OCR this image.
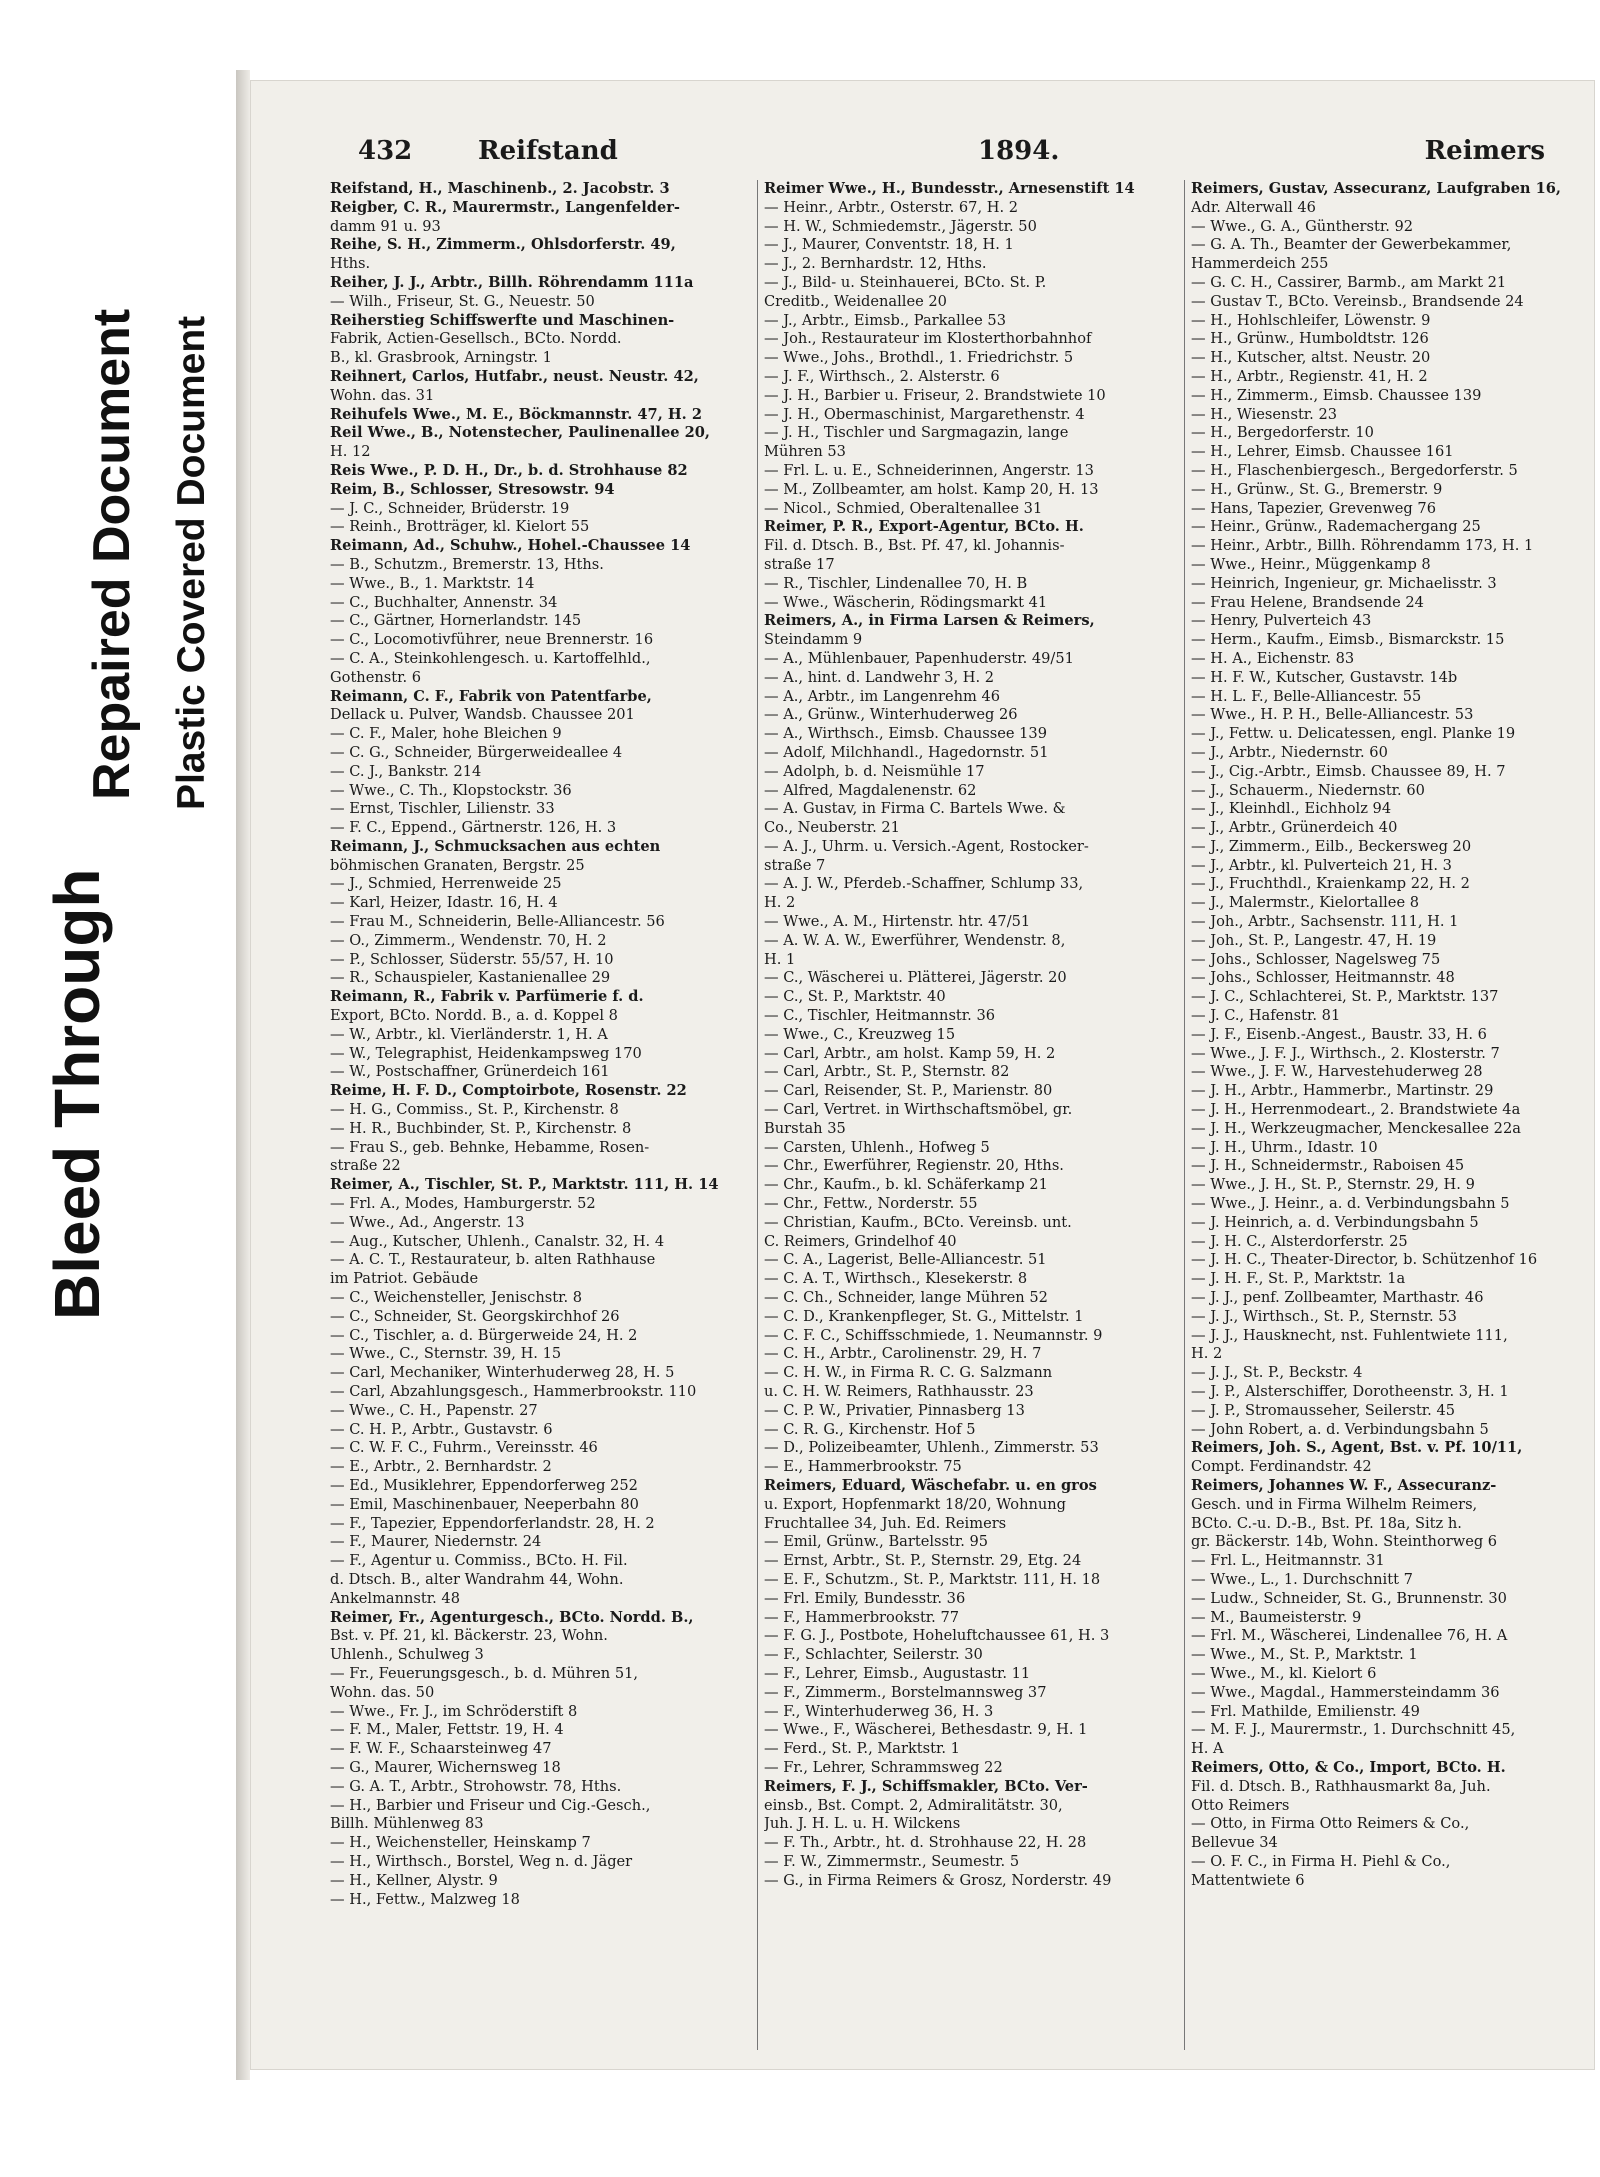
Bleed Through
Repaired Document Plastic Covered Document
432	Reifstand	1894.	Reimers
Reifstand, H., Maschinenb., 2. Jacobstr. 3
Reigber, C. R., Maurermstr., Langenfelder-
damm 91 u. 93
Reihe, S. H., Zimmerm., Ohlsdorferstr. 49,
Hths.
Reiher, J. J., Arbtr., Billh. Röhrendamm 111a
— Wilh., Friseur, St. G., Neuestr. 50
Reiherstieg Schiffswerfte und Maschinen-
Fabrik, Actien-Gesellsch., BCto. Nordd.
B., kl. Grasbrook, Arningstr. 1
Reihnert, Carlos, Hutfabr., neust. Neustr. 42,
Wohn. das. 31
Reihufels Wwe., M. E., Böckmannstr. 47, H. 2
Reil Wwe., B., Notenstecher, Paulinenallee 20,
H. 12
Reis Wwe., P. D. H., Dr., b. d. Strohhause 82
Reim, B., Schlosser, Stresowstr. 94
— J. C., Schneider, Brüderstr. 19
— Reinh., Brotträger, kl. Kielort 55
Reimann, Ad., Schuhw., Hohel.-Chaussee 14
— B., Schutzm., Bremerstr. 13, Hths.
— Wwe., B., 1. Marktstr. 14
— C., Buchhalter, Annenstr. 34
— C., Gärtner, Hornerlandstr. 145
— C., Locomotivführer, neue Brennerstr. 16
— C. A., Steinkohlengesch. u. Kartoffelhld.,
Gothenstr. 6
Reimann, C. F., Fabrik von Patentfarbe,
Dellack u. Pulver, Wandsb. Chaussee 201
— C. F., Maler, hohe Bleichen 9
— C. G., Schneider, Bürgerweideallee 4
— C. J., Bankstr. 214
— Wwe., C. Th., Klopstockstr. 36
— Ernst, Tischler, Lilienstr. 33
— F. C., Eppend., Gärtnerstr. 126, H. 3
Reimann, J., Schmucksachen aus echten
böhmischen Granaten, Bergstr. 25
— J., Schmied, Herrenweide 25
— Karl, Heizer, Idastr. 16, H. 4
— Frau M., Schneiderin, Belle-Alliancestr. 56
— O., Zimmerm., Wendenstr. 70, H. 2
— P., Schlosser, Süderstr. 55/57, H. 10
— R., Schauspieler, Kastanienallee 29
Reimann, R., Fabrik v. Parfümerie f. d.
Export, BCto. Nordd. B., a. d. Koppel 8
— W., Arbtr., kl. Vierländerstr. 1, H. A
— W., Telegraphist, Heidenkampsweg 170
— W., Postschaffner, Grünerdeich 161
Reime, H. F. D., Comptoirbote, Rosenstr. 22
— H. G., Commiss., St. P., Kirchenstr. 8
— H. R., Buchbinder, St. P., Kirchenstr. 8
— Frau S., geb. Behnke, Hebamme, Rosen-
straße 22
Reimer, A., Tischler, St. P., Marktstr. 111, H. 14
— Frl. A., Modes, Hamburgerstr. 52
— Wwe., Ad., Angerstr. 13
— Aug., Kutscher, Uhlenh., Canalstr. 32, H. 4
— A. C. T., Restaurateur, b. alten Rathhause
im Patriot. Gebäude
— C., Weichensteller, Jenischstr. 8
— C., Schneider, St. Georgskirchhof 26
— C., Tischler, a. d. Bürgerweide 24, H. 2
— Wwe., C., Sternstr. 39, H. 15
— Carl, Mechaniker, Winterhuderweg 28, H. 5
— Carl, Abzahlungsgesch., Hammerbrookstr. 110
— Wwe., C. H., Papenstr. 27
— C. H. P., Arbtr., Gustavstr. 6
— C. W. F. C., Fuhrm., Vereinsstr. 46
— E., Arbtr., 2. Bernhardstr. 2
— Ed., Musiklehrer, Eppendorferweg 252
— Emil, Maschinenbauer, Neeperbahn 80
— F., Tapezier, Eppendorferlandstr. 28, H. 2
— F., Maurer, Niedernstr. 24
— F., Agentur u. Commiss., BCto. H. Fil.
d. Dtsch. B., alter Wandrahm 44, Wohn.
Ankelmannstr. 48
Reimer, Fr., Agenturgesch., BCto. Nordd. B.,
Bst. v. Pf. 21, kl. Bäckerstr. 23, Wohn.
Uhlenh., Schulweg 3
— Fr., Feuerungsgesch., b. d. Mühren 51,
Wohn. das. 50
— Wwe., Fr. J., im Schröderstift 8
— F. M., Maler, Fettstr. 19, H. 4
— F. W. F., Schaarsteinweg 47
— G., Maurer, Wichernsweg 18
— G. A. T., Arbtr., Strohowstr. 78, Hths.
— H., Barbier und Friseur und Cig.-Gesch.,
Billh. Mühlenweg 83
— H., Weichensteller, Heinskamp 7
— H., Wirthsch., Borstel, Weg n. d. Jäger
— H., Kellner, Alystr. 9
— H., Fettw., Malzweg 18
Reimer Wwe., H., Bundesstr., Arnesenstift 14
— Heinr., Arbtr., Osterstr. 67, H. 2
— H. W., Schmiedemstr., Jägerstr. 50
— J., Maurer, Conventstr. 18, H. 1
— J., 2. Bernhardstr. 12, Hths.
— J., Bild- u. Steinhauerei, BCto. St. P.
Creditb., Weidenallee 20
— J., Arbtr., Eimsb., Parkallee 53
— Joh., Restaurateur im Klosterthorbahnhof
— Wwe., Johs., Brothdl., 1. Friedrichstr. 5
— J. F., Wirthsch., 2. Alsterstr. 6
— J. H., Barbier u. Friseur, 2. Brandstwiete 10
— J. H., Obermaschinist, Margarethenstr. 4
— J. H., Tischler und Sargmagazin, lange
Mühren 53
— Frl. L. u. E., Schneiderinnen, Angerstr. 13
— M., Zollbeamter, am holst. Kamp 20, H. 13
— Nicol., Schmied, Oberaltenallee 31
Reimer, P. R., Export-Agentur, BCto. H.
Fil. d. Dtsch. B., Bst. Pf. 47, kl. Johannis-
straße 17
— R., Tischler, Lindenallee 70, H. B
— Wwe., Wäscherin, Rödingsmarkt 41
Reimers, A., in Firma Larsen & Reimers,
Steindamm 9
— A., Mühlenbauer, Papenhuderstr. 49/51
— A., hint. d. Landwehr 3, H. 2
— A., Arbtr., im Langenrehm 46
— A., Grünw., Winterhuderweg 26
— A., Wirthsch., Eimsb. Chaussee 139
— Adolf, Milchhandl., Hagedornstr. 51
— Adolph, b. d. Neismühle 17
— Alfred, Magdalenenstr. 62
— A. Gustav, in Firma C. Bartels Wwe. &
Co., Neuberstr. 21
— A. J., Uhrm. u. Versich.-Agent, Rostocker-
straße 7
— A. J. W., Pferdeb.-Schaffner, Schlump 33,
H. 2
— Wwe., A. M., Hirtenstr. htr. 47/51
— A. W. A. W., Ewerführer, Wendenstr. 8,
H. 1
— C., Wäscherei u. Plätterei, Jägerstr. 20
— C., St. P., Marktstr. 40
— C., Tischler, Heitmannstr. 36
— Wwe., C., Kreuzweg 15
— Carl, Arbtr., am holst. Kamp 59, H. 2
— Carl, Arbtr., St. P., Sternstr. 82
— Carl, Reisender, St. P., Marienstr. 80
— Carl, Vertret. in Wirthschaftsmöbel, gr.
Burstah 35
— Carsten, Uhlenh., Hofweg 5
— Chr., Ewerführer, Regienstr. 20, Hths.
— Chr., Kaufm., b. kl. Schäferkamp 21
— Chr., Fettw., Norderstr. 55
— Christian, Kaufm., BCto. Vereinsb. unt.
C. Reimers, Grindelhof 40
— C. A., Lagerist, Belle-Alliancestr. 51
— C. A. T., Wirthsch., Klesekerstr. 8
— C. Ch., Schneider, lange Mühren 52
— C. D., Krankenpfleger, St. G., Mittelstr. 1
— C. F. C., Schiffsschmiede, 1. Neumannstr. 9
— C. H., Arbtr., Carolinenstr. 29, H. 7
— C. H. W., in Firma R. C. G. Salzmann
u. C. H. W. Reimers, Rathhausstr. 23
— C. P. W., Privatier, Pinnasberg 13
— C. R. G., Kirchenstr. Hof 5
— D., Polizeibeamter, Uhlenh., Zimmerstr. 53
— E., Hammerbrookstr. 75
Reimers, Eduard, Wäschefabr. u. en gros
u. Export, Hopfenmarkt 18/20, Wohnung
Fruchtallee 34, Juh. Ed. Reimers
— Emil, Grünw., Bartelsstr. 95
— Ernst, Arbtr., St. P., Sternstr. 29, Etg. 24
— E. F., Schutzm., St. P., Marktstr. 111, H. 18
— Frl. Emily, Bundesstr. 36
— F., Hammerbrookstr. 77
— F. G. J., Postbote, Hoheluftchaussee 61, H. 3
— F., Schlachter, Seilerstr. 30
— F., Lehrer, Eimsb., Augustastr. 11
— F., Zimmerm., Borstelmannsweg 37
— F., Winterhuderweg 36, H. 3
— Wwe., F., Wäscherei, Bethesdastr. 9, H. 1
— Ferd., St. P., Marktstr. 1
— Fr., Lehrer, Schrammsweg 22
Reimers, F. J., Schiffsmakler, BCto. Ver-
einsb., Bst. Compt. 2, Admiralitätstr. 30,
Juh. J. H. L. u. H. Wilckens
— F. Th., Arbtr., ht. d. Strohhause 22, H. 28
— F. W., Zimmermstr., Seumestr. 5
— G., in Firma Reimers & Grosz, Norderstr. 49
Reimers, Gustav, Assecuranz, Laufgraben 16,
Adr. Alterwall 46
— Wwe., G. A., Güntherstr. 92
— G. A. Th., Beamter der Gewerbekammer,
Hammerdeich 255
— G. C. H., Cassirer, Barmb., am Markt 21
— Gustav T., BCto. Vereinsb., Brandsende 24
— H., Hohlschleifer, Löwenstr. 9
— H., Grünw., Humboldtstr. 126
— H., Kutscher, altst. Neustr. 20
— H., Arbtr., Regienstr. 41, H. 2
— H., Zimmerm., Eimsb. Chaussee 139
— H., Wiesenstr. 23
— H., Bergedorferstr. 10
— H., Lehrer, Eimsb. Chaussee 161
— H., Flaschenbiergesch., Bergedorferstr. 5
— H., Grünw., St. G., Bremerstr. 9
— Hans, Tapezier, Grevenweg 76
— Heinr., Grünw., Rademachergang 25
— Heinr., Arbtr., Billh. Röhrendamm 173, H. 1
— Wwe., Heinr., Müggenkamp 8
— Heinrich, Ingenieur, gr. Michaelisstr. 3
— Frau Helene, Brandsende 24
— Henry, Pulverteich 43
— Herm., Kaufm., Eimsb., Bismarckstr. 15
— H. A., Eichenstr. 83
— H. F. W., Kutscher, Gustavstr. 14b
— H. L. F., Belle-Alliancestr. 55
— Wwe., H. P. H., Belle-Alliancestr. 53
— J., Fettw. u. Delicatessen, engl. Planke 19
— J., Arbtr., Niedernstr. 60
— J., Cig.-Arbtr., Eimsb. Chaussee 89, H. 7
— J., Schauerm., Niedernstr. 60
— J., Kleinhdl., Eichholz 94
— J., Arbtr., Grünerdeich 40
— J., Zimmerm., Eilb., Beckersweg 20
— J., Arbtr., kl. Pulverteich 21, H. 3
— J., Fruchthdl., Kraienkamp 22, H. 2
— J., Malermstr., Kielortallee 8
— Joh., Arbtr., Sachsenstr. 111, H. 1
— Joh., St. P., Langestr. 47, H. 19
— Johs., Schlosser, Nagelsweg 75
— Johs., Schlosser, Heitmannstr. 48
— J. C., Schlachterei, St. P., Marktstr. 137
— J. C., Hafenstr. 81
— J. F., Eisenb.-Angest., Baustr. 33, H. 6
— Wwe., J. F. J., Wirthsch., 2. Klosterstr. 7
— Wwe., J. F. W., Harvestehuderweg 28
— J. H., Arbtr., Hammerbr., Martinstr. 29
— J. H., Herrenmodeart., 2. Brandstwiete 4a
— J. H., Werkzeugmacher, Menckesallee 22a
— J. H., Uhrm., Idastr. 10
— J. H., Schneidermstr., Raboisen 45
— Wwe., J. H., St. P., Sternstr. 29, H. 9
— Wwe., J. Heinr., a. d. Verbindungsbahn 5
— J. Heinrich, a. d. Verbindungsbahn 5
— J. H. C., Alsterdorferstr. 25
— J. H. C., Theater-Director, b. Schützenhof 16
— J. H. F., St. P., Marktstr. 1a
— J. J., penf. Zollbeamter, Marthastr. 46
— J. J., Wirthsch., St. P., Sternstr. 53
— J. J., Hausknecht, nst. Fuhlentwiete 111,
H. 2
— J. J., St. P., Beckstr. 4
— J. P., Alsterschiffer, Dorotheenstr. 3, H. 1
— J. P., Stromausseher, Seilerstr. 45
— John Robert, a. d. Verbindungsbahn 5
Reimers, Joh. S., Agent, Bst. v. Pf. 10/11,
Compt. Ferdinandstr. 42
Reimers, Johannes W. F., Assecuranz-
Gesch. und in Firma Wilhelm Reimers,
BCto. C.-u. D.-B., Bst. Pf. 18a, Sitz h.
gr. Bäckerstr. 14b, Wohn. Steinthorweg 6
— Frl. L., Heitmannstr. 31
— Wwe., L., 1. Durchschnitt 7
— Ludw., Schneider, St. G., Brunnenstr. 30
— M., Baumeisterstr. 9
— Frl. M., Wäscherei, Lindenallee 76, H. A
— Wwe., M., St. P., Marktstr. 1
— Wwe., M., kl. Kielort 6
— Wwe., Magdal., Hammersteindamm 36
— Frl. Mathilde, Emilienstr. 49
— M. F. J., Maurermstr., 1. Durchschnitt 45,
H. A
Reimers, Otto, & Co., Import, BCto. H.
Fil. d. Dtsch. B., Rathhausmarkt 8a, Juh.
Otto Reimers
— Otto, in Firma Otto Reimers & Co.,
Bellevue 34
— O. F. C., in Firma H. Piehl & Co.,
Mattentwiete 6
